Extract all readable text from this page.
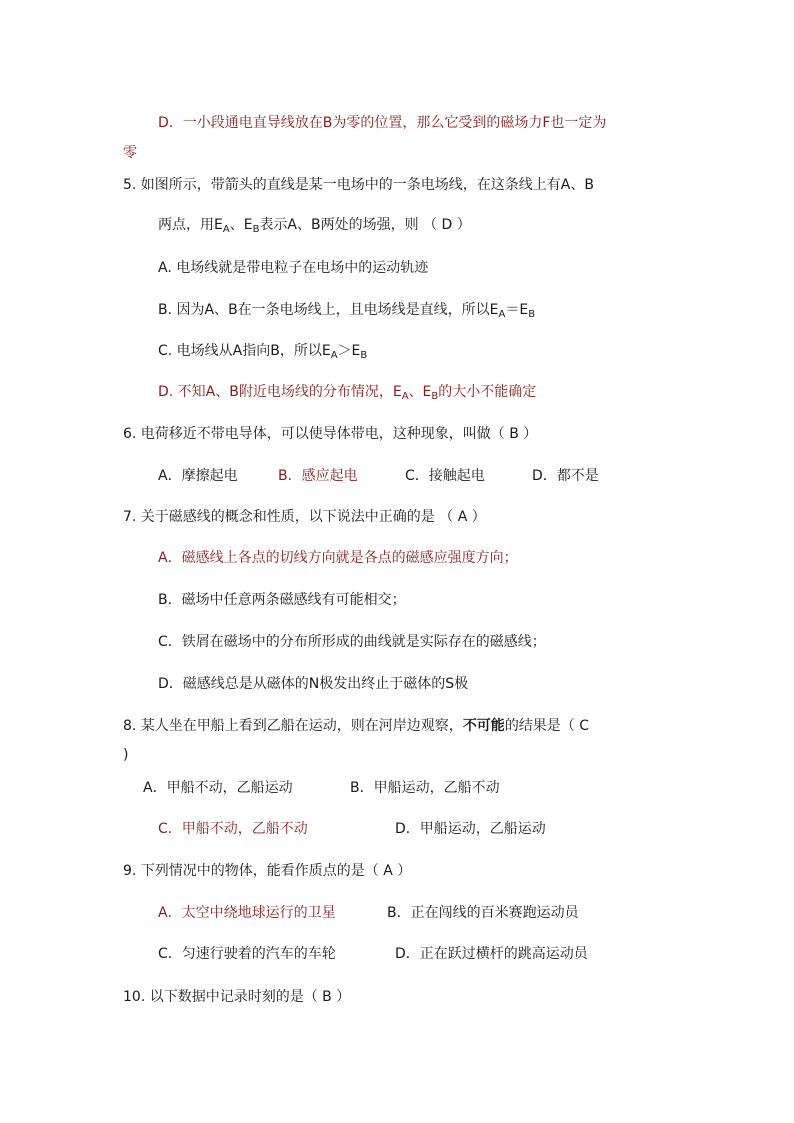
D．一小段通电直导线放在B为零的位置，那么它受到的磁场力F也一定为
零
5. 如图所示，带箭头的直线是某一电场中的一条电场线，在这条线上有A、B
两点，用$E_A$、$E_B$表示A、B两处的场强，则 （ D ）
A. 电场线就是带电粒子在电场中的运动轨迹
B. 因为A、B在一条电场线上，且电场线是直线，所以$E_A=E_B$
C. 电场线从A指向B，所以$E_A>E_B$
D. 不知A、B附近电场线的分布情况，$E_A$、$E_B$的大小不能确定
6. 电荷移近不带电导体，可以使导体带电，这种现象，叫做（ B ）
A．摩擦起电	B．感应起电	C．接触起电	D．都不是
7. 关于磁感线的概念和性质，以下说法中正确的是 （ A ）
A．磁感线上各点的切线方向就是各点的磁感应强度方向；
B．磁场中任意两条磁感线有可能相交；
C．铁屑在磁场中的分布所形成的曲线就是实际存在的磁感线；
D．磁感线总是从磁体的N极发出终止于磁体的S极
8. 某人坐在甲船上看到乙船在运动，则在河岸边观察，不可能的结果是（ C
)
A．甲船不动，乙船运动	B．甲船运动，乙船不动
C．甲船不动，乙船不动	D．甲船运动，乙船运动
9. 下列情况中的物体，能看作质点的是（ A ）
A．太空中绕地球运行的卫星	B．正在闯线的百米赛跑运动员
C．匀速行驶着的汽车的车轮	D．正在跃过横杆的跳高运动员
10. 以下数据中记录时刻的是（ B ）
